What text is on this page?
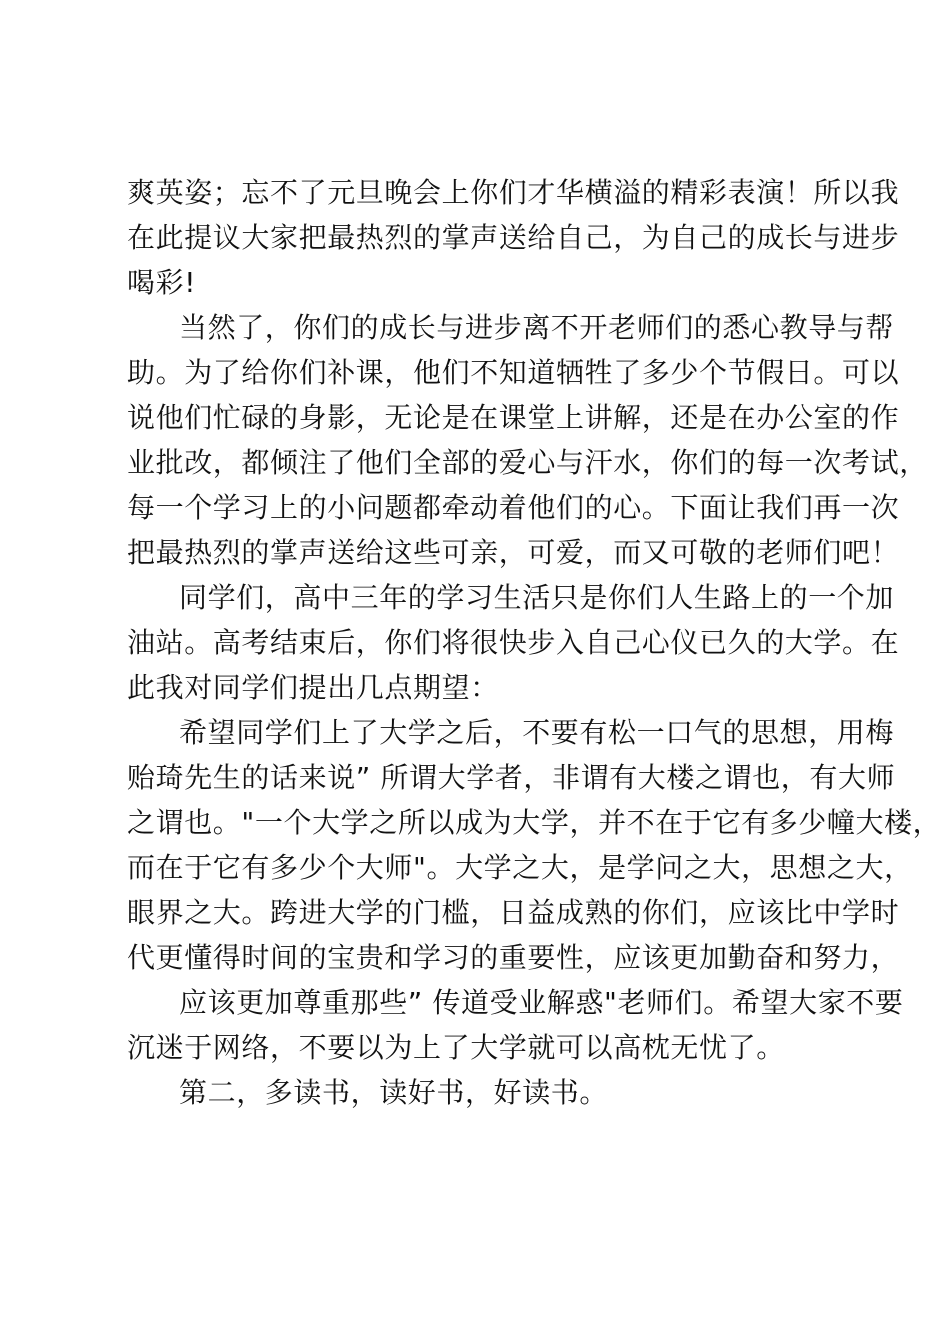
爽英姿；忘不了元旦晚会上你们才华横溢的精彩表演！所以我
在此提议大家把最热烈的掌声送给自己，为自己的成长与进步
喝彩!
当然了，你们的成长与进步离不开老师们的悉心教导与帮
助。为了给你们补课，他们不知道牺牲了多少个节假日。可以
说他们忙碌的身影，无论是在课堂上讲解，还是在办公室的作
业批改，都倾注了他们全部的爱心与汗水，你们的每一次考试，
每一个学习上的小问题都牵动着他们的心。下面让我们再一次
把最热烈的掌声送给这些可亲，可爱，而又可敬的老师们吧！
同学们，高中三年的学习生活只是你们人生路上的一个加
油站。高考结束后，你们将很快步入自己心仪已久的大学。在
此我对同学们提出几点期望：
希望同学们上了大学之后，不要有松一口气的思想，用梅
贻琦先生的话来说” 所谓大学者，非谓有大楼之谓也，有大师
之谓也。"一个大学之所以成为大学，并不在于它有多少幢大楼，
而在于它有多少个大师"。大学之大，是学问之大，思想之大，
眼界之大。跨进大学的门槛，日益成熟的你们，应该比中学时
代更懂得时间的宝贵和学习的重要性，应该更加勤奋和努力，
应该更加尊重那些” 传道受业解惑"老师们。希望大家不要
沉迷于网络，不要以为上了大学就可以高枕无忧了。
第二，多读书，读好书，好读书。
